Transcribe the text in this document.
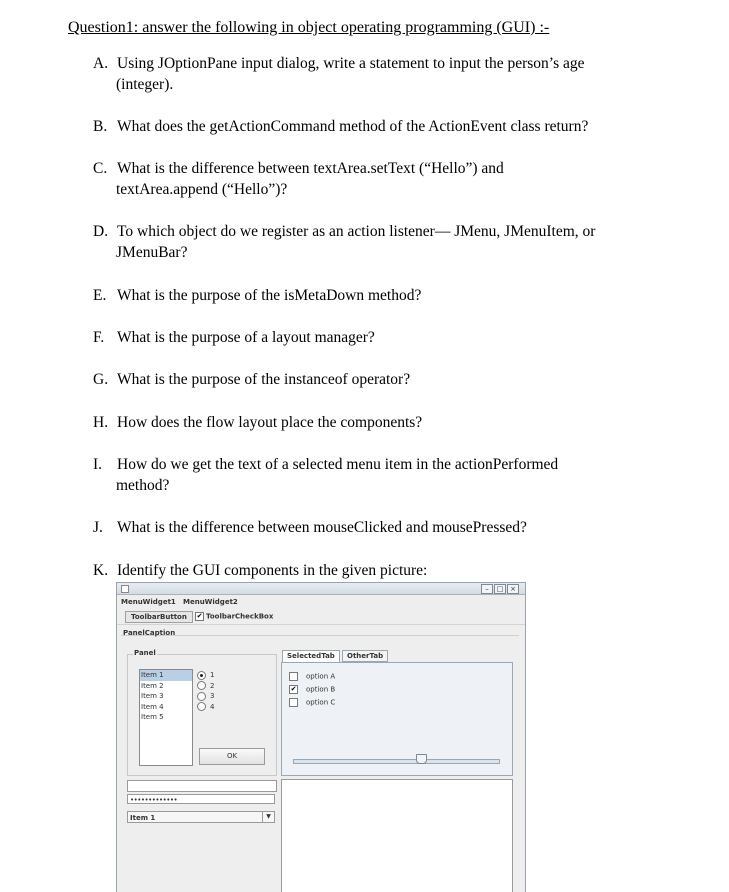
Question1: answer the following in object operating programming (GUI) :-
A. Using JOptionPane input dialog, write a statement to input the person’s age
(integer).
B. What does the getActionCommand method of the ActionEvent class return?
C. What is the difference between textArea.setText (“Hello”) and
textArea.append (“Hello”)?
D. To which object do we register as an action listener— JMenu, JMenuItem, or
JMenuBar?
E. What is the purpose of the isMetaDown method?
F. What is the purpose of a layout manager?
G. What is the purpose of the instanceof operator?
H. How does the flow layout place the components?
I. How do we get the text of a selected menu item in the actionPerformed
method?
J. What is the difference between mouseClicked and mousePressed?
K. Identify the GUI components in the given picture:
–	□ ×
MenuWidget1 MenuWidget2
ToolbarButton	✔ ToolbarCheckBox
PanelCaption
Panel
Item 1
Item 2
Item 3
Item 4
Item 5
1
2
3
4
OK
SelectedTab	OtherTab
option A
✔ option B
option C
•••••••••••••
Item 1	▼
